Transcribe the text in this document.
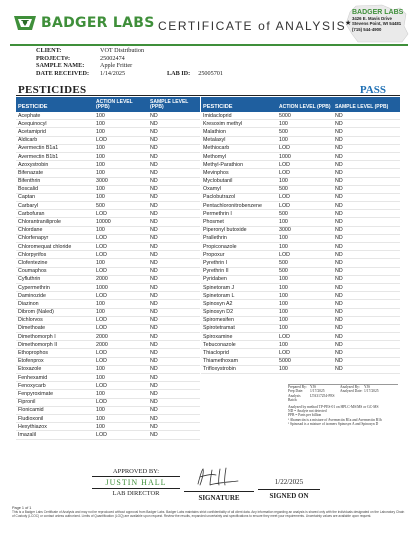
BADGER LABS CERTIFICATE of ANALYSIS
BADGER LABS
3426 E. Mavis Drive
Stevens Point, WI 54481
(715) 544-4900
★
CLIENT:	VOT Distribution
PROJECT#:	25002474
SAMPLE NAME:	Apple Fritter
DATE RECEIVED:	1/14/2025	LAB ID: 25005701
PESTICIDES	PASS
PESTICIDE
ACTION LEVEL (PPB)
SAMPLE LEVEL (PPB)
Acephate	100	ND
Acequinocyl	100	ND
Acetamiprid	100	ND
Aldicarb	LOD	ND
Avermectin B1a1	100	ND
Avermectin B1b1	100	ND
Azoxystrobin	100	ND
Bifenazate	100	ND
Bifenthrin	3000	ND
Boscalid	100	ND
Captan	100	ND
Carbaryl	500	ND
Carbofuran	LOD	ND
Chlorantraniliprole	10000	ND
Chlordane	100	ND
Chlorfenapyr	LOD	ND
Chloromequat chloride	LOD	ND
Chlorpyrifos	LOD	ND
Clofentezine	100	ND
Coumaphos	LOD	ND
Cyfluthrin	2000	ND
Cypermethrin	1000	ND
Daminozide	LOD	ND
Diazinon	100	ND
Dibrom (Naled)	100	ND
Dichlorvos	LOD	ND
Dimethoate	LOD	ND
Dimethomorph I	2000	ND
Dimethomorph II	2000	ND
Ethoprophos	LOD	ND
Etofenprox	LOD	ND
Etoxazole	100	ND
Fenhexamid	100	ND
Fenoxycarb	LOD	ND
Fenpyroximate	100	ND
Fipronil	LOD	ND
Flonicamid	100	ND
Fludioxonil	100	ND
Hexythiazox	100	ND
Imazalil	LOD	ND
PESTICIDE	ACTION LEVEL (PPB) SAMPLE LEVEL (PPB)
Imidacloprid	5000	ND
Kresoxim methyl	100	ND
Malathion	500	ND
Metalaxyl	100	ND
Methiocarb	LOD	ND
Methomyl	1000	ND
Methyl-Parathion	LOD	ND
Mevinphos	LOD	ND
Myclobutanil	100	ND
Oxamyl	500	ND
Paclobutrazol	LOD	ND
Pentachloronitrobenzene	LOD	ND
Permethrin I	500	ND
Phosmet	100	ND
Piperonyl butoxide	3000	ND
Prallethrin	100	ND
Propiconazole	100	ND
Propoxur	LOD	ND
Pyrethrin I	500	ND
Pyrethrin II	500	ND
Pyridaben	100	ND
Spinetoram J	100	ND
Spinetoram L	100	ND
Spinosyn A2	100	ND
Spinosyn D2	100	ND
Spiromesifen	100	ND
Spirotetramat	100	ND
Spiroxamine	LOD	ND
Tebuconazole	100	ND
Thiacloprid	LOD	ND
Thiamethoxam	5000	ND
Trifloxystrobin	100	ND
Prepared By: YJS	Analyzed By:	YJS
Prep Date:	1/17/2025	Analyzed Date: 1/17/2025
Analysis Batch:
LTA317254-PES
Analyzed by method TP-PES-01 on HPLC-MS/MS or GC-MS
ND = Analyte not detected
PPB = Parts per billion
¹ Abamectin is a mixture of Avermectin B1a and Avermectin B1b
² Spinosad is a mixture of isomers Spinosyn A and Spinosyn D
APPROVED BY:
JUSTIN HALL
LAB DIRECTOR
SIGNATURE
1/22/2025
SIGNED ON
Page 1 of 1
This is a Badger Labs Certificate of Analysis and may not be reproduced without approval from Badger Labs. Badger Labs maintains strict confidentiality of all client data. Any information regarding an analysis is shared only with the individuals designated on the Laboratory Chain of Custody (LCOC) or contact unless authorized. Limits of Quantification (LOQ) are available upon request. Review the results, expanded uncertainty and specifications to ensure they meet your requirements. Uncertainty values are available upon request.
